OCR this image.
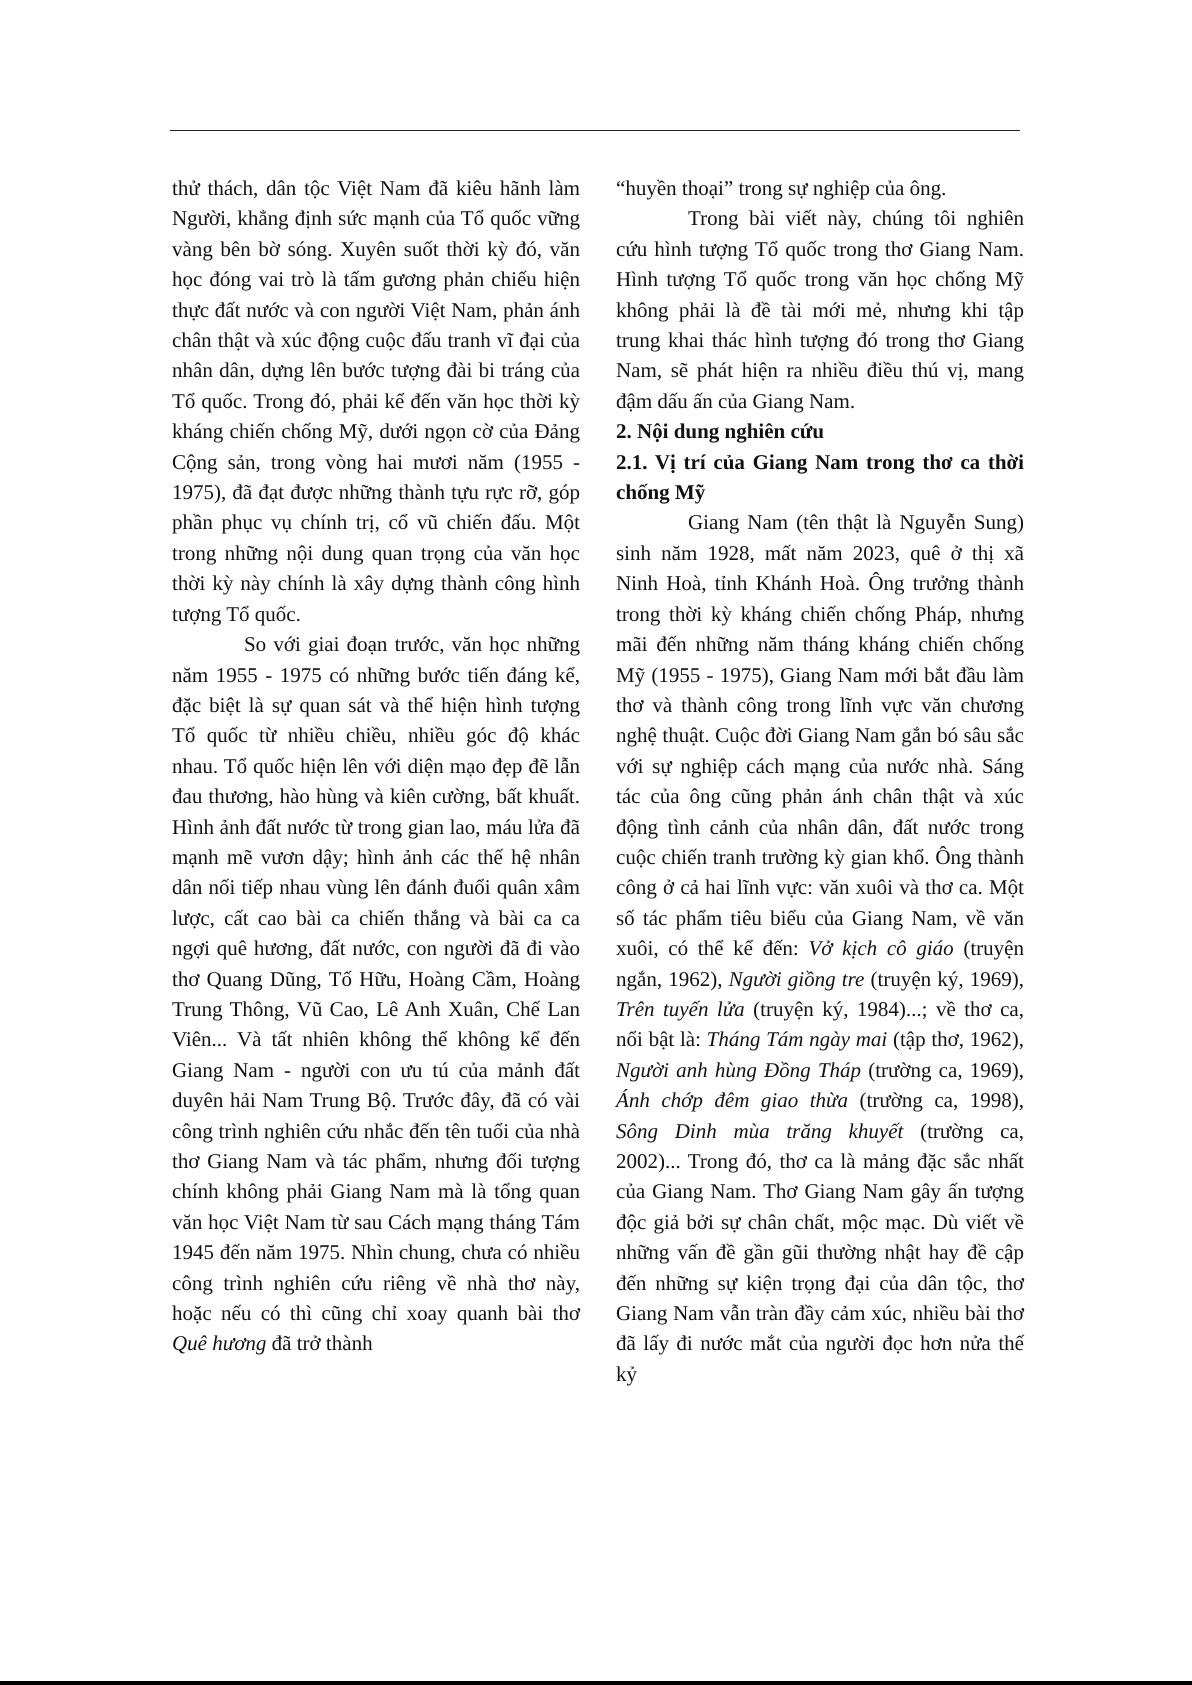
thử thách, dân tộc Việt Nam đã kiêu hãnh làm Người, khẳng định sức mạnh của Tổ quốc vững vàng bên bờ sóng. Xuyên suốt thời kỳ đó, văn học đóng vai trò là tấm gương phản chiếu hiện thực đất nước và con người Việt Nam, phản ánh chân thật và xúc động cuộc đấu tranh vĩ đại của nhân dân, dựng lên bước tượng đài bi tráng của Tổ quốc. Trong đó, phải kể đến văn học thời kỳ kháng chiến chống Mỹ, dưới ngọn cờ của Đảng Cộng sản, trong vòng hai mươi năm (1955 - 1975), đã đạt được những thành tựu rực rỡ, góp phần phục vụ chính trị, cổ vũ chiến đấu. Một trong những nội dung quan trọng của văn học thời kỳ này chính là xây dựng thành công hình tượng Tổ quốc.

So với giai đoạn trước, văn học những năm 1955 - 1975 có những bước tiến đáng kể, đặc biệt là sự quan sát và thể hiện hình tượng Tổ quốc từ nhiều chiều, nhiều góc độ khác nhau. Tổ quốc hiện lên với diện mạo đẹp đẽ lẫn đau thương, hào hùng và kiên cường, bất khuất. Hình ảnh đất nước từ trong gian lao, máu lửa đã mạnh mẽ vươn dậy; hình ảnh các thế hệ nhân dân nối tiếp nhau vùng lên đánh đuổi quân xâm lược, cất cao bài ca chiến thắng và bài ca ca ngợi quê hương, đất nước, con người đã đi vào thơ Quang Dũng, Tố Hữu, Hoàng Cầm, Hoàng Trung Thông, Vũ Cao, Lê Anh Xuân, Chế Lan Viên... Và tất nhiên không thể không kể đến Giang Nam - người con ưu tú của mảnh đất duyên hải Nam Trung Bộ. Trước đây, đã có vài công trình nghiên cứu nhắc đến tên tuổi của nhà thơ Giang Nam và tác phẩm, nhưng đối tượng chính không phải Giang Nam mà là tổng quan văn học Việt Nam từ sau Cách mạng tháng Tám 1945 đến năm 1975. Nhìn chung, chưa có nhiều công trình nghiên cứu riêng về nhà thơ này, hoặc nếu có thì cũng chỉ xoay quanh bài thơ Quê hương đã trở thành

“huyền thoại” trong sự nghiệp của ông.

Trong bài viết này, chúng tôi nghiên cứu hình tượng Tổ quốc trong thơ Giang Nam. Hình tượng Tổ quốc trong văn học chống Mỹ không phải là đề tài mới mẻ, nhưng khi tập trung khai thác hình tượng đó trong thơ Giang Nam, sẽ phát hiện ra nhiều điều thú vị, mang đậm dấu ấn của Giang Nam.

2. Nội dung nghiên cứu

2.1. Vị trí của Giang Nam trong thơ ca thời chống Mỹ

Giang Nam (tên thật là Nguyễn Sung) sinh năm 1928, mất năm 2023, quê ở thị xã Ninh Hoà, tỉnh Khánh Hoà. Ông trưởng thành trong thời kỳ kháng chiến chống Pháp, nhưng mãi đến những năm tháng kháng chiến chống Mỹ (1955 - 1975), Giang Nam mới bắt đầu làm thơ và thành công trong lĩnh vực văn chương nghệ thuật. Cuộc đời Giang Nam gắn bó sâu sắc với sự nghiệp cách mạng của nước nhà. Sáng tác của ông cũng phản ánh chân thật và xúc động tình cảnh của nhân dân, đất nước trong cuộc chiến tranh trường kỳ gian khổ. Ông thành công ở cả hai lĩnh vực: văn xuôi và thơ ca. Một số tác phẩm tiêu biểu của Giang Nam, về văn xuôi, có thể kể đến: Vở kịch cô giáo (truyện ngắn, 1962), Người giồng tre (truyện ký, 1969), Trên tuyến lửa (truyện ký, 1984)...; về thơ ca, nổi bật là: Tháng Tám ngày mai (tập thơ, 1962), Người anh hùng Đồng Tháp (trường ca, 1969), Ánh chớp đêm giao thừa (trường ca, 1998), Sông Dinh mùa trăng khuyết (trường ca, 2002)... Trong đó, thơ ca là mảng đặc sắc nhất của Giang Nam. Thơ Giang Nam gây ấn tượng độc giả bởi sự chân chất, mộc mạc. Dù viết về những vấn đề gần gũi thường nhật hay đề cập đến những sự kiện trọng đại của dân tộc, thơ Giang Nam vẫn tràn đầy cảm xúc, nhiều bài thơ đã lấy đi nước mắt của người đọc hơn nửa thế kỷ
